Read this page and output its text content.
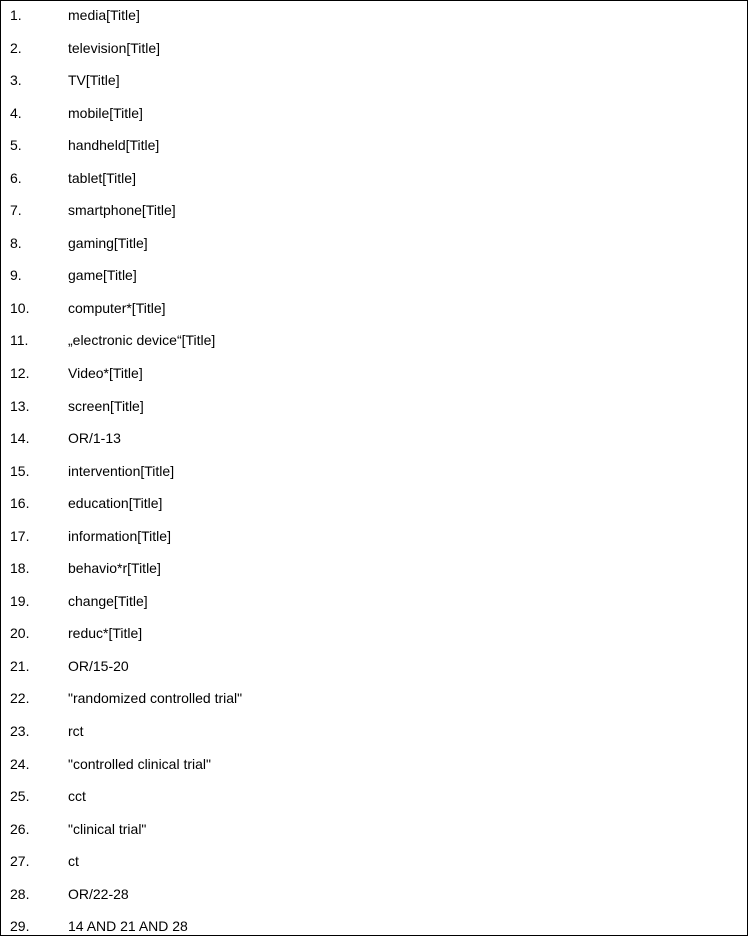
1.	media[Title]
2.	television[Title]
3.	TV[Title]
4.	mobile[Title]
5.	handheld[Title]
6.	tablet[Title]
7.	smartphone[Title]
8.	gaming[Title]
9.	game[Title]
10.	computer*[Title]
11.	„electronic device“[Title]
12.	Video*[Title]
13.	screen[Title]
14.	OR/1-13
15.	intervention[Title]
16.	education[Title]
17.	information[Title]
18.	behavio*r[Title]
19.	change[Title]
20.	reduc*[Title]
21.	OR/15-20
22.	"randomized controlled trial"
23.	rct
24.	"controlled clinical trial"
25.	cct
26.	"clinical trial"
27.	ct
28.	OR/22-28
29.	14 AND 21 AND 28
